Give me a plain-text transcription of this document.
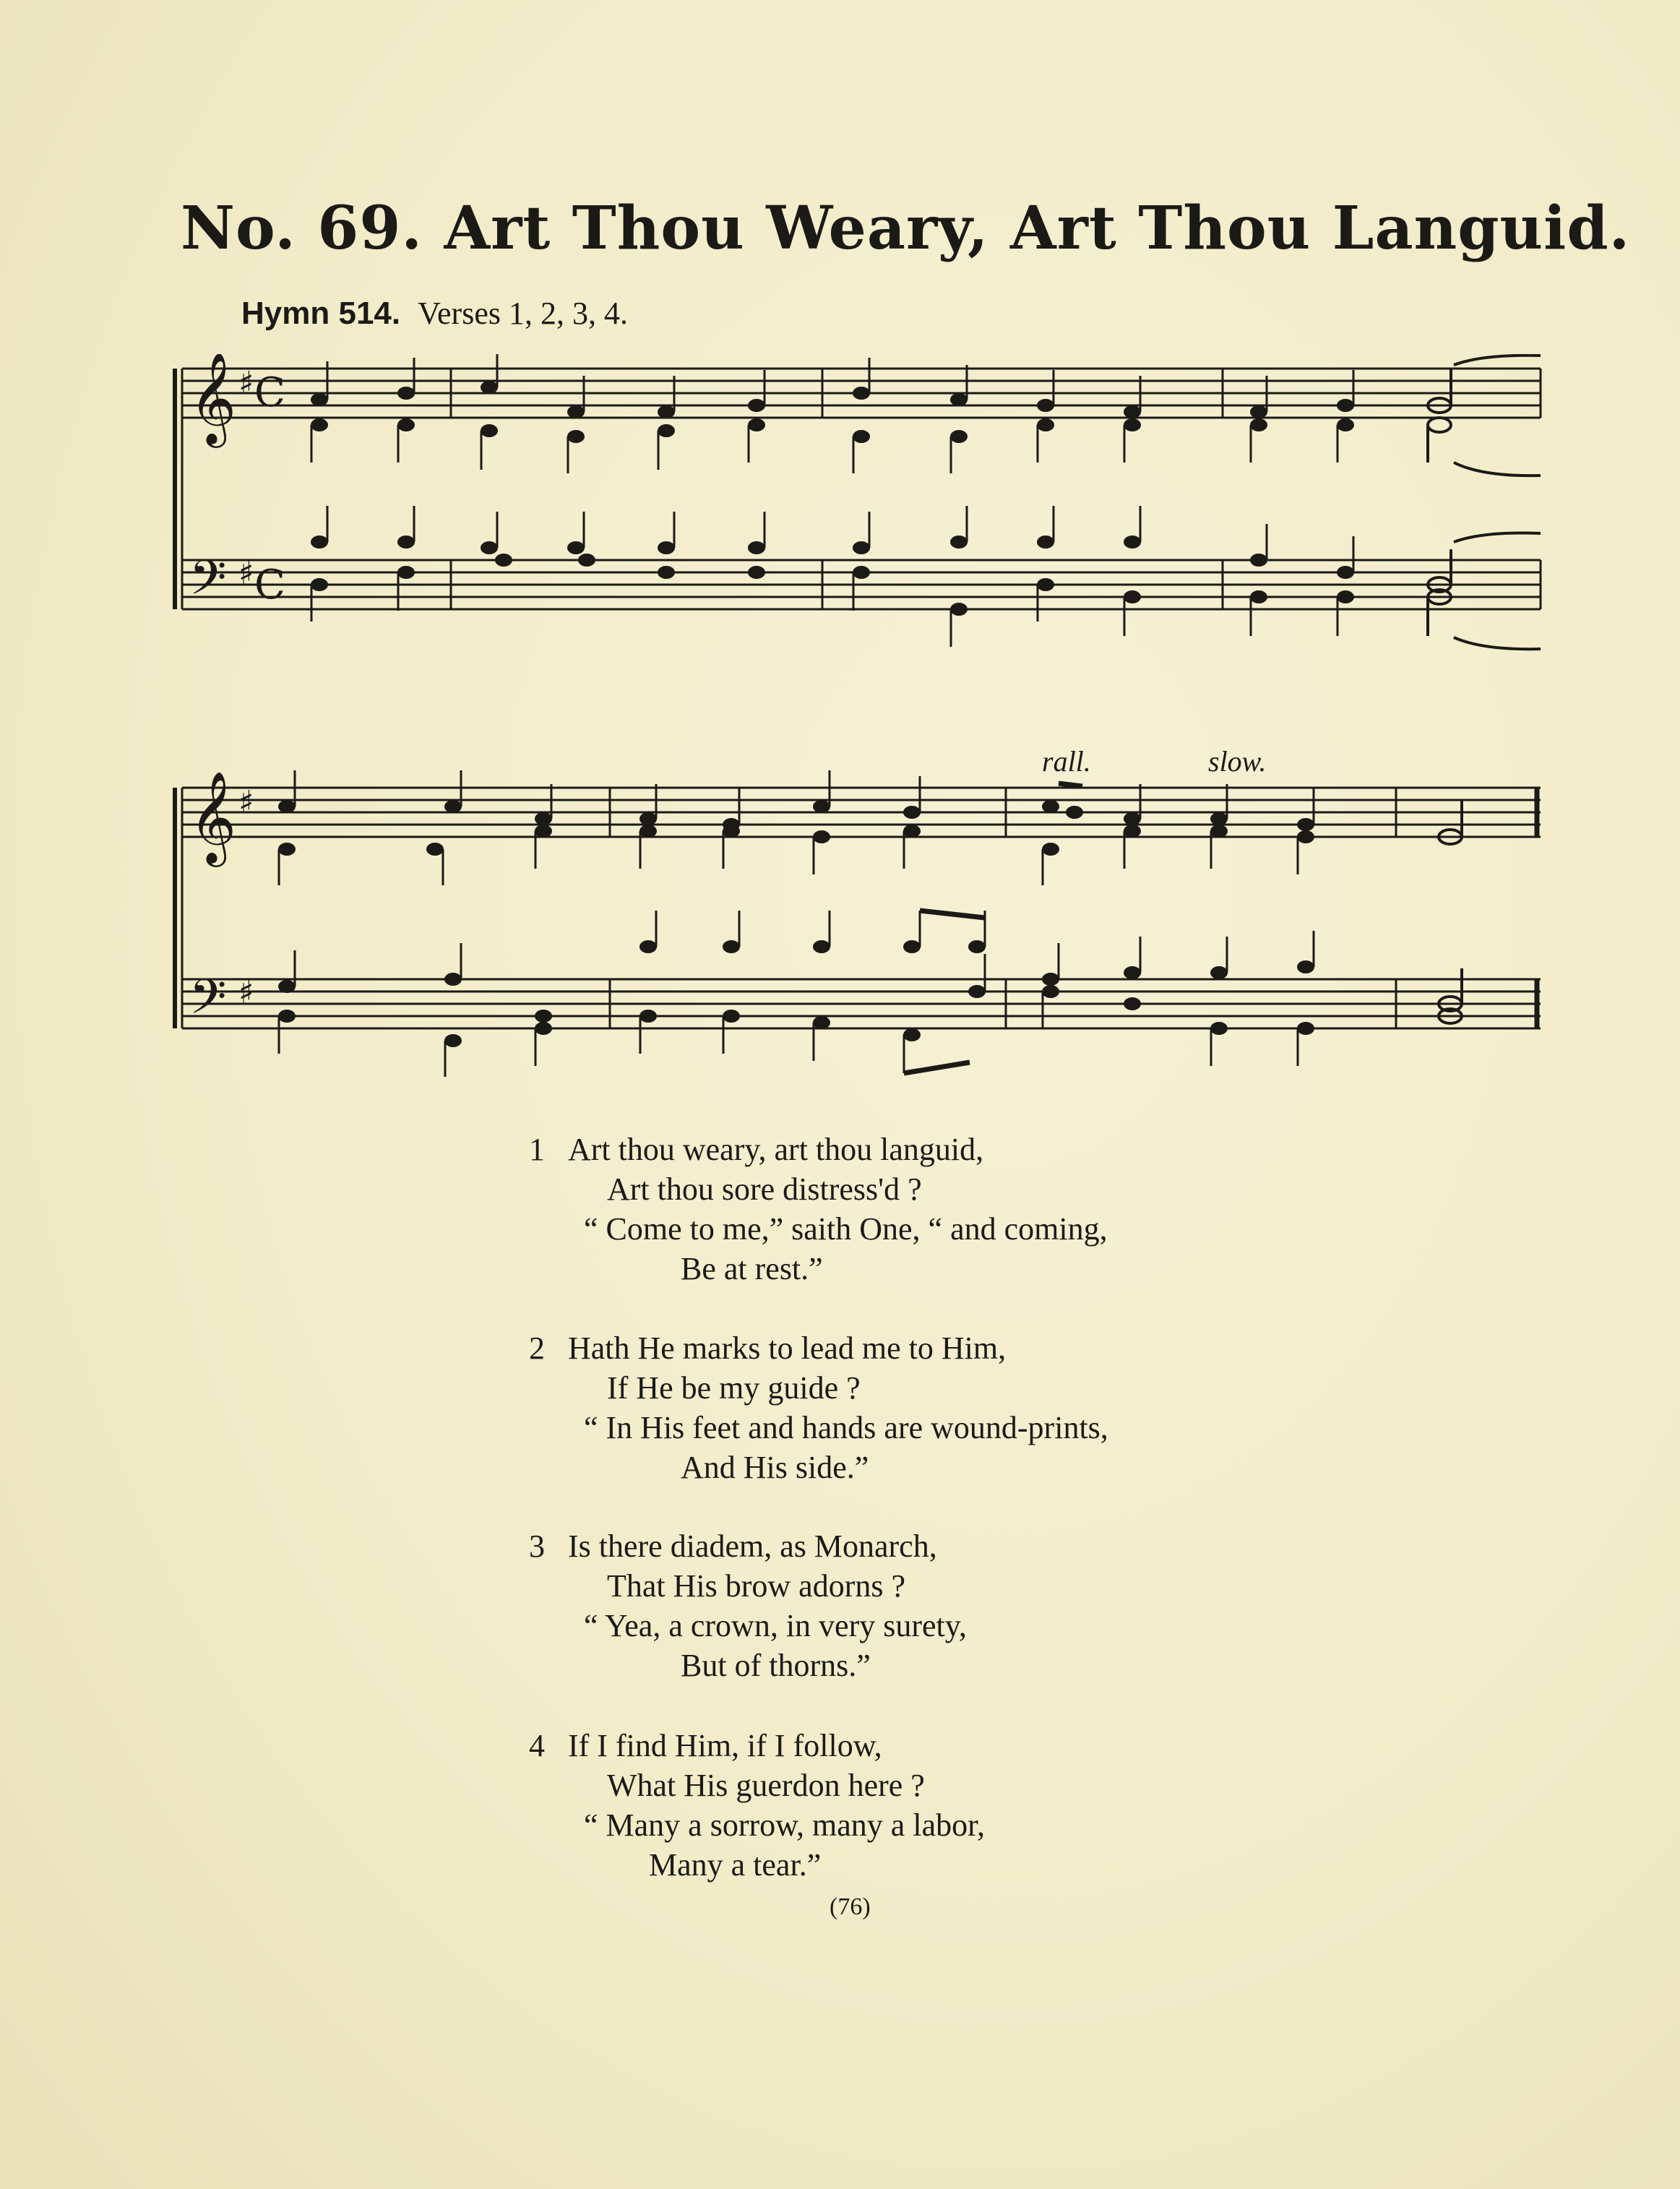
No. 69. Art Thou Weary, Art Thou Languid.
Hymn 514. Verses 1, 2, 3, 4.
𝄞
𝄢
♯
♯
C
C
rall.	slow.
𝄞
𝄢
♯
♯
1 Art thou weary, art thou languid,
Art thou sore distress'd ?
“ Come to me,” saith One, “ and coming,
Be at rest.”
2 Hath He marks to lead me to Him,
If He be my guide ?
“ In His feet and hands are wound-prints,
And His side.”
3 Is there diadem, as Monarch,
That His brow adorns ?
“ Yea, a crown, in very surety,
But of thorns.”
4 If I find Him, if I follow,
What His guerdon here ?
“ Many a sorrow, many a labor,
Many a tear.”
(76)
